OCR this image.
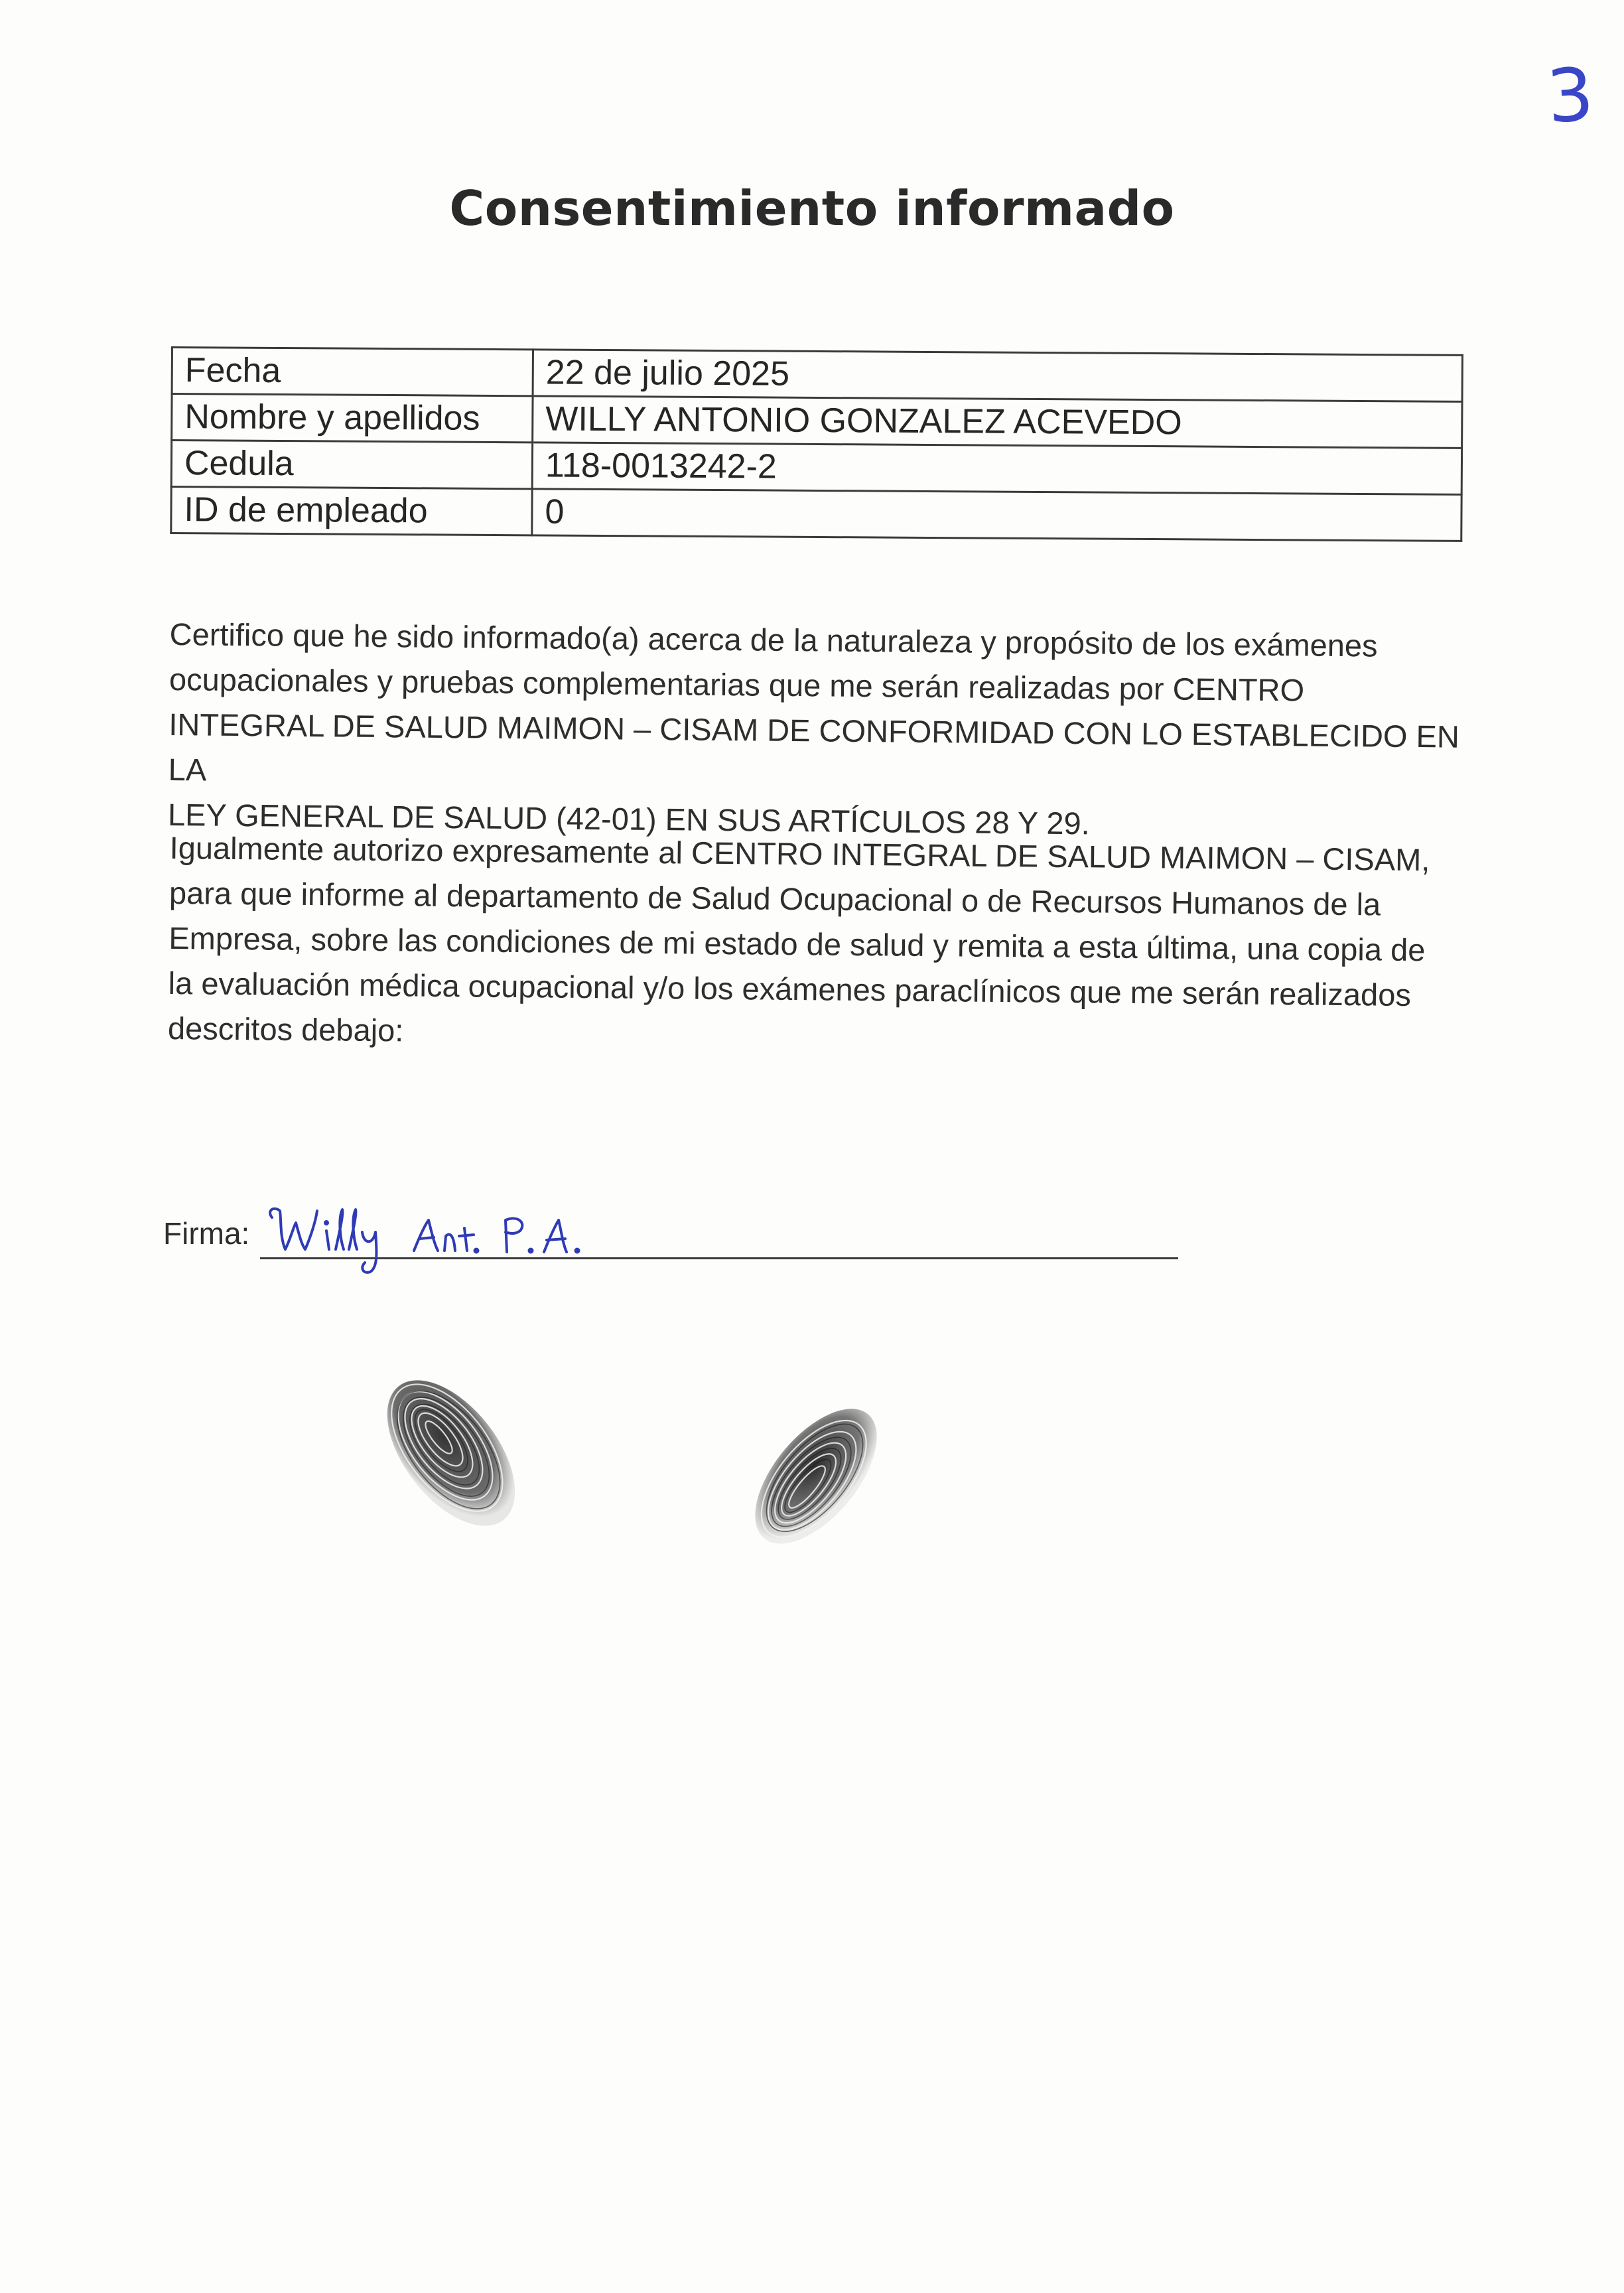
3
Consentimiento informado
Fecha	22 de julio 2025
Nombre y apellidos	WILLY ANTONIO GONZALEZ ACEVEDO
Cedula	118-0013242-2
ID de empleado	0
Certifico que he sido informado(a) acerca de la naturaleza y propósito de los exámenes
ocupacionales y pruebas complementarias que me serán realizadas por CENTRO
INTEGRAL DE SALUD MAIMON – CISAM DE CONFORMIDAD CON LO ESTABLECIDO EN LA
LEY GENERAL DE SALUD (42-01) EN SUS ARTÍCULOS 28 Y 29.
Igualmente autorizo expresamente al CENTRO INTEGRAL DE SALUD MAIMON – CISAM,
para que informe al departamento de Salud Ocupacional o de Recursos Humanos de la
Empresa, sobre las condiciones de mi estado de salud y remita a esta última, una copia de
la evaluación médica ocupacional y/o los exámenes paraclínicos que me serán realizados
descritos debajo:
Firma:
